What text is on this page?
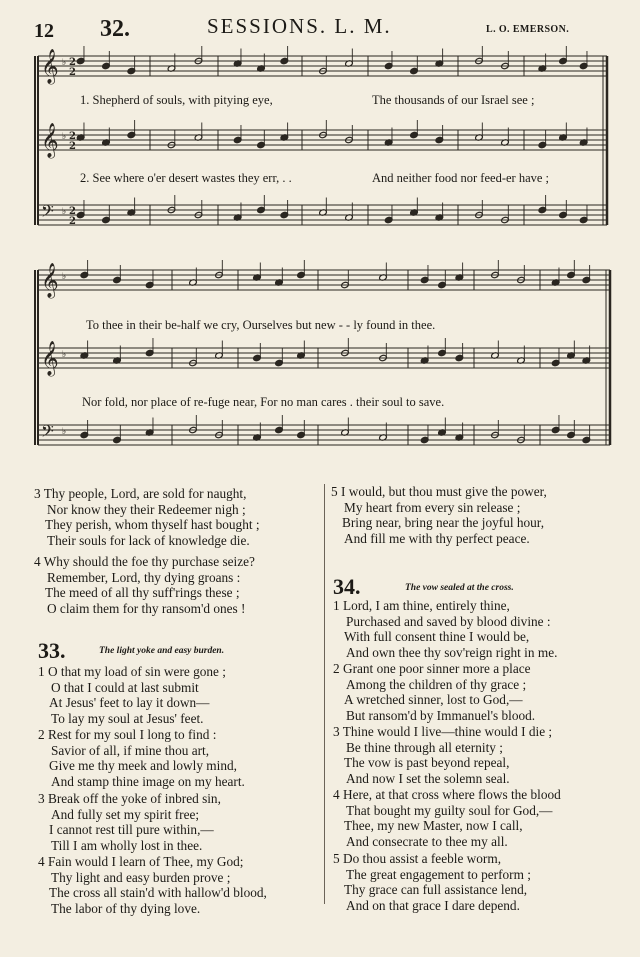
12 32.	SESSIONS. L. M.	L. O. EMERSON.
𝄞 ♭
𝄞 ♭
𝄢 ♭
2
2
2
2
2
2
𝄞 ♭
𝄞 ♭
𝄢 ♭
1. Shepherd of souls, with pitying eye,	The thousands of our Israel see ;
2. See where o'er desert wastes they err, . .	And neither food nor feed-er have ;
To thee in their be-half we cry, Ourselves but new - - ly found in thee.
Nor fold, nor place of re-fuge near, For no man cares . their soul to save.
3 Thy people, Lord, are sold for naught,
Nor know they their Redeemer nigh ;
They perish, whom thyself hast bought ;
Their souls for lack of knowledge die.
4 Why should the foe thy purchase seize?
Remember, Lord, thy dying groans :
The meed of all thy suff'rings these ;
O claim them for thy ransom'd ones !
33.	The light yoke and easy burden.
1 O that my load of sin were gone ;
O that I could at last submit
At Jesus' feet to lay it down—
To lay my soul at Jesus' feet.
2 Rest for my soul I long to find :
Savior of all, if mine thou art,
Give me thy meek and lowly mind,
And stamp thine image on my heart.
3 Break off the yoke of inbred sin,
And fully set my spirit free;
I cannot rest till pure within,—
Till I am wholly lost in thee.
4 Fain would I learn of Thee, my God;
Thy light and easy burden prove ;
The cross all stain'd with hallow'd blood,
The labor of thy dying love.
5 I would, but thou must give the power,
My heart from every sin release ;
Bring near, bring near the joyful hour,
And fill me with thy perfect peace.
34.	The vow sealed at the cross.
1 Lord, I am thine, entirely thine,
Purchased and saved by blood divine :
With full consent thine I would be,
And own thee thy sov'reign right in me.
2 Grant one poor sinner more a place
Among the children of thy grace ;
A wretched sinner, lost to God,—
But ransom'd by Immanuel's blood.
3 Thine would I live—thine would I die ;
Be thine through all eternity ;
The vow is past beyond repeal,
And now I set the solemn seal.
4 Here, at that cross where flows the blood
That bought my guilty soul for God,—
Thee, my new Master, now I call,
And consecrate to thee my all.
5 Do thou assist a feeble worm,
The great engagement to perform ;
Thy grace can full assistance lend,
And on that grace I dare depend.
